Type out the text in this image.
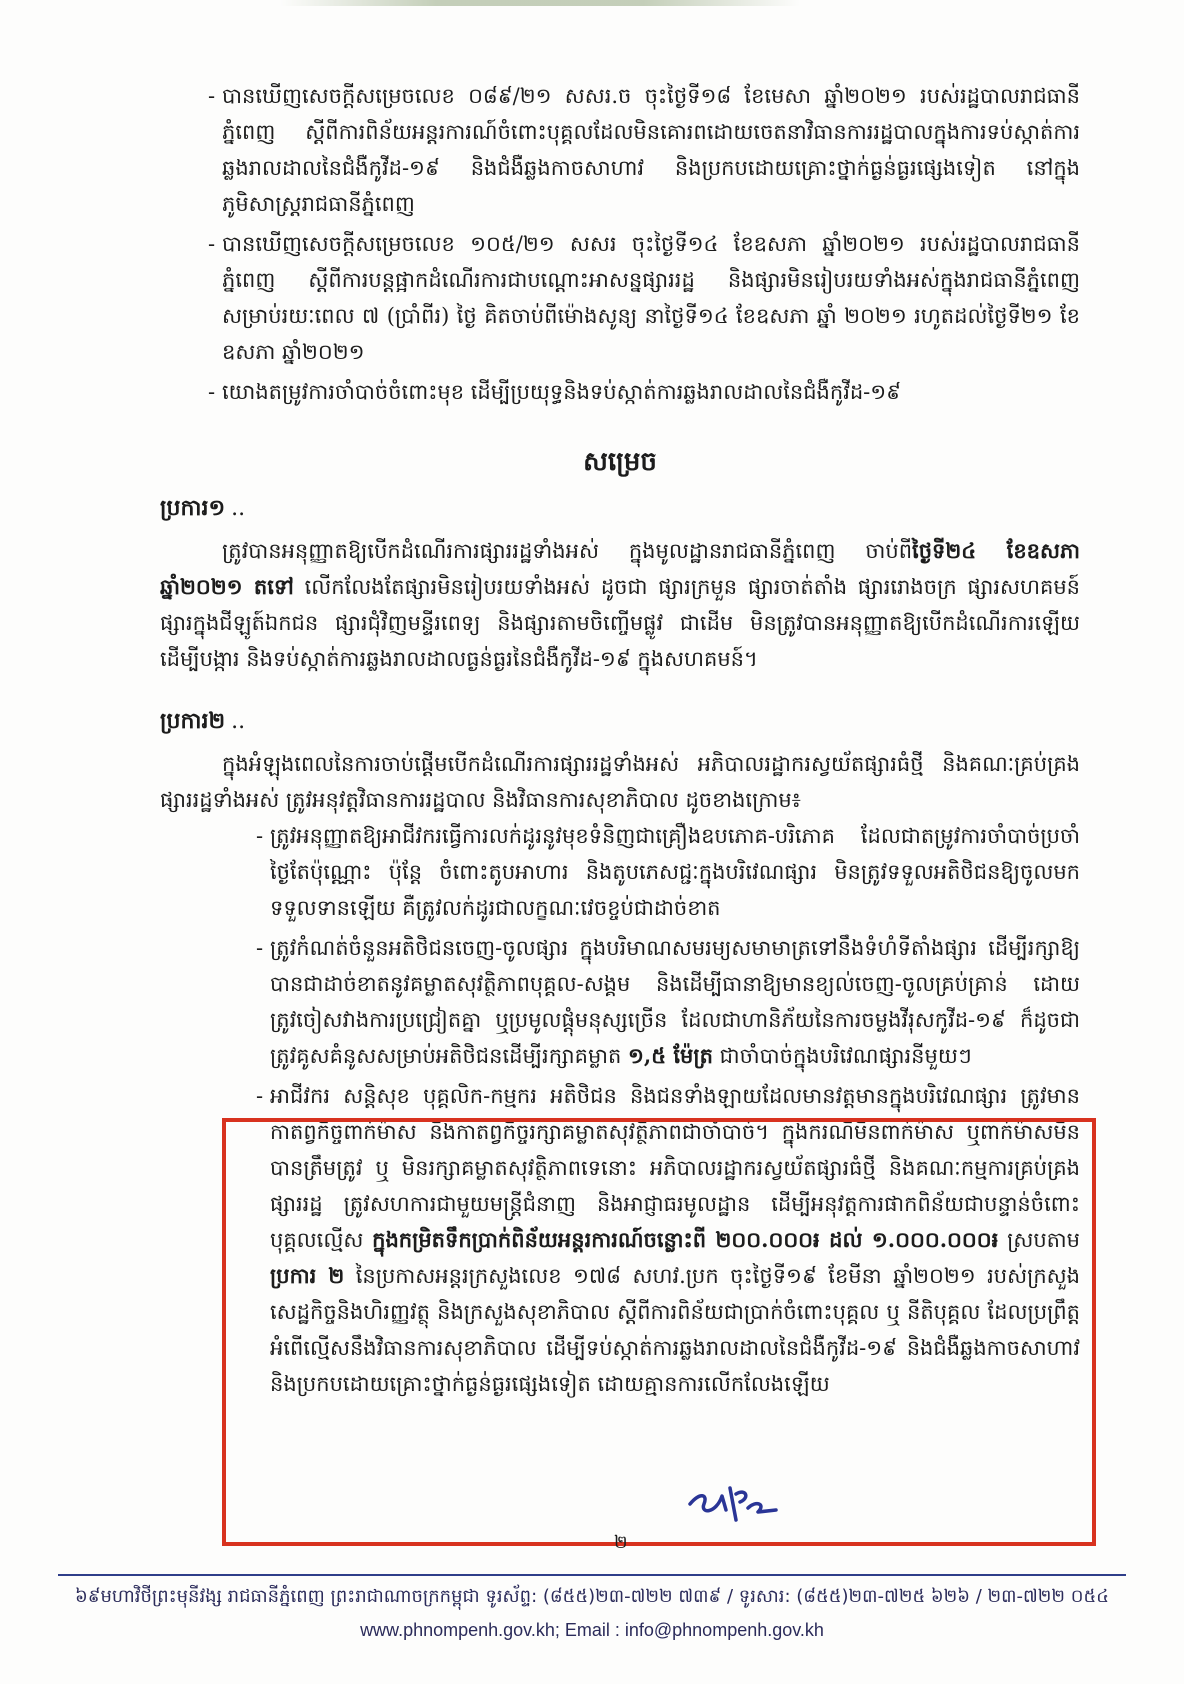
- បានឃើញសេចក្ដីសម្រេចលេខ ០៨៩/២១ សសរ.ច ចុះថ្ងៃទី១៨ ខែមេសា ឆ្នាំ២០២១ របស់រដ្ឋបាលរាជធានីភ្នំពេញ ស្ដីពីការពិន័យអន្តរការណ៍ចំពោះបុគ្គលដែលមិនគោរពដោយចេតនាវិធានការរដ្ឋបាលក្នុងការទប់ស្កាត់ការឆ្លងរាលដាលនៃជំងឺកូវីដ-១៩ និងជំងឺឆ្លងកាចសាហាវ និងប្រកបដោយគ្រោះថ្នាក់ធ្ងន់ធ្ងរផ្សេងទៀត នៅក្នុងភូមិសាស្ត្ររាជធានីភ្នំពេញ
- បានឃើញសេចក្ដីសម្រេចលេខ ១០៥/២១ សសរ ចុះថ្ងៃទី១៤ ខែឧសភា ឆ្នាំ២០២១ របស់រដ្ឋបាលរាជធានីភ្នំពេញ ស្ដីពីការបន្តផ្អាកដំណើរការជាបណ្ដោះអាសន្នផ្សាររដ្ឋ និងផ្សារមិនរៀបរយទាំងអស់ក្នុងរាជធានីភ្នំពេញ សម្រាប់រយៈពេល ៧ (ប្រាំពីរ) ថ្ងៃ គិតចាប់ពីម៉ោងសូន្យ នាថ្ងៃទី១៤ ខែឧសភា ឆ្នាំ ២០២១ រហូតដល់ថ្ងៃទី២១ ខែឧសភា ឆ្នាំ២០២១
- យោងតម្រូវការចាំបាច់ចំពោះមុខ ដើម្បីប្រយុទ្ធនិងទប់ស្កាត់ការឆ្លងរាលដាលនៃជំងឺកូវីដ-១៩
សម្រេច
ប្រការ១ ..
ត្រូវបានអនុញ្ញាតឱ្យបើកដំណើរការផ្សាររដ្ឋទាំងអស់ ក្នុងមូលដ្ឋានរាជធានីភ្នំពេញ ចាប់ពីថ្ងៃទី២៤ ខែឧសភា ឆ្នាំ២០២១ តទៅ លើកលែងតែផ្សារមិនរៀបរយទាំងអស់ ដូចជា ផ្សារក្រមួន ផ្សារចាត់តាំង ផ្សាររោងចក្រ ផ្សារសហគមន៍ ផ្សារក្នុងជីឡូត៍ឯកជន ផ្សារជុំវិញមន្ទីរពេទ្យ និងផ្សារតាមចិញ្ចើមផ្លូវ ជាដើម មិនត្រូវបានអនុញ្ញាតឱ្យបើកដំណើរការឡើយ ដើម្បីបង្ការ និងទប់ស្កាត់ការឆ្លងរាលដាលធ្ងន់ធ្ងរនៃជំងឺកូវីដ-១៩ ក្នុងសហគមន៍។
ប្រការ២ ..
ក្នុងអំឡុងពេលនៃការចាប់ផ្ដើមបើកដំណើរការផ្សាររដ្ឋទាំងអស់ អភិបាលរដ្ឋាករស្វយ័តផ្សារធំថ្មី និងគណៈគ្រប់គ្រងផ្សាររដ្ឋទាំងអស់ ត្រូវអនុវត្តវិធានការរដ្ឋបាល និងវិធានការសុខាភិបាល ដូចខាងក្រោម៖
- ត្រូវអនុញ្ញាតឱ្យអាជីវករធ្វើការលក់ដូរនូវមុខទំនិញជាគ្រឿងឧបភោគ-បរិភោគ ដែលជាតម្រូវការចាំបាច់ប្រចាំថ្ងៃតែប៉ុណ្ណោះ ប៉ុន្តែ ចំពោះតូបអាហារ និងតូបភេសជ្ជៈក្នុងបរិវេណផ្សារ មិនត្រូវទទួលអតិថិជនឱ្យចូលមកទទួលទានឡើយ គឺត្រូវលក់ដូរជាលក្ខណៈវេចខ្ចប់ជាដាច់ខាត
- ត្រូវកំណត់ចំនួនអតិថិជនចេញ-ចូលផ្សារ ក្នុងបរិមាណសមរម្យសមាមាត្រទៅនឹងទំហំទីតាំងផ្សារ ដើម្បីរក្សាឱ្យបានជាដាច់ខាតនូវគម្លាតសុវត្ថិភាពបុគ្គល-សង្គម និងដើម្បីធានាឱ្យមានខ្យល់ចេញ-ចូលគ្រប់គ្រាន់ ដោយត្រូវចៀសវាងការប្រជ្រៀតគ្នា ឬប្រមូលផ្ដុំមនុស្សច្រើន ដែលជាហានិភ័យនៃការចម្លងវីរុសកូវីដ-១៩ ក៏ដូចជាត្រូវគូសគំនូសសម្រាប់អតិថិជនដើម្បីរក្សាគម្លាត ១,៥ ម៉ែត្រ ជាចាំបាច់ក្នុងបរិវេណផ្សារនីមួយៗ
- អាជីវករ សន្តិសុខ បុគ្គលិក-កម្មករ អតិថិជន និងជនទាំងឡាយដែលមានវត្តមានក្នុងបរិវេណផ្សារ ត្រូវមានកាតព្វកិច្ចពាក់ម៉ាស និងកាតព្វកិច្ចរក្សាគម្លាតសុវត្ថិភាពជាចាំបាច់។ ក្នុងករណីមិនពាក់ម៉ាស ឬពាក់ម៉ាសមិនបានត្រឹមត្រូវ ឬ មិនរក្សាគម្លាតសុវត្ថិភាពទេនោះ អភិបាលរដ្ឋាករស្វយ័តផ្សារធំថ្មី និងគណៈកម្មការគ្រប់គ្រងផ្សាររដ្ឋ ត្រូវសហការជាមួយមន្ត្រីជំនាញ និងអាជ្ញាធរមូលដ្ឋាន ដើម្បីអនុវត្តការផាកពិន័យជាបន្ទាន់ចំពោះបុគ្គលល្មើស ក្នុងកម្រិតទឹកប្រាក់ពិន័យអន្តរការណ៍ចន្លោះពី ២០០.០០០៛ ដល់ ១.០០០.០០០៛ ស្របតាមប្រការ ២ នៃប្រកាសអន្តរក្រសួងលេខ ១៧៨ សហវ.ប្រក ចុះថ្ងៃទី១៩ ខែមីនា ឆ្នាំ២០២១ របស់ក្រសួងសេដ្ឋកិច្ចនិងហិរញ្ញវត្ថុ និងក្រសួងសុខាភិបាល ស្ដីពីការពិន័យជាប្រាក់ចំពោះបុគ្គល ឬ នីតិបុគ្គល ដែលប្រព្រឹត្តអំពើល្មើសនឹងវិធានការសុខាភិបាល ដើម្បីទប់ស្កាត់ការឆ្លងរាលដាលនៃជំងឺកូវីដ-១៩ និងជំងឺឆ្លងកាចសាហាវ និងប្រកបដោយគ្រោះថ្នាក់ធ្ងន់ធ្ងរផ្សេងទៀត ដោយគ្មានការលើកលែងឡើយ
២
៦៩មហាវិថីព្រះមុនីវង្ស រាជធានីភ្នំពេញ ព្រះរាជាណាចក្រកម្ពុជា ទូរស័ព្ទ: (៨៥៥)២៣-៧២២ ៧៣៩ / ទូរសារ: (៨៥៥)២៣-៧២៥ ៦២៦ / ២៣-៧២២ ០៥៤
www.phnompenh.gov.kh; Email : info@phnompenh.gov.kh
